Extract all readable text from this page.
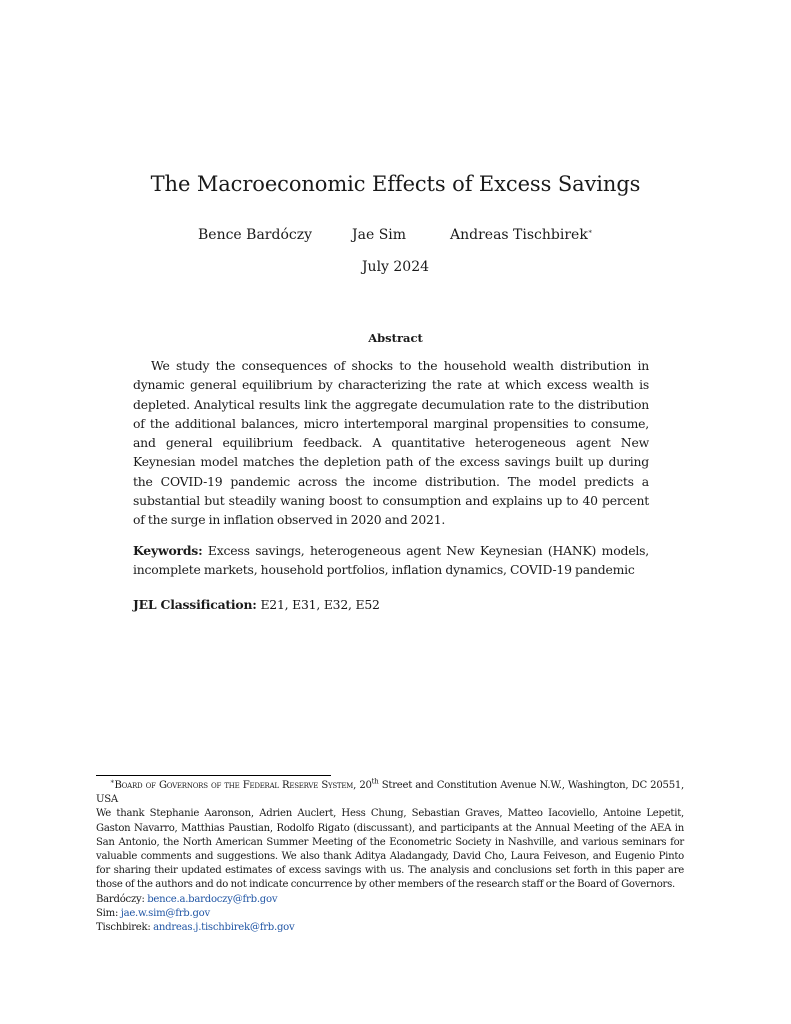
The Macroeconomic Effects of Excess Savings
Bence Bardóczy	Jae Sim	Andreas Tischbirek∗
July 2024
Abstract

We study the consequences of shocks to the household wealth distribution in dynamic general equilibrium by characterizing the rate at which excess wealth is depleted. Analytical results link the aggregate decumulation rate to the distribution of the additional balances, micro intertemporal marginal propensities to consume, and general equilibrium feedback. A quantitative heterogeneous agent New Keynesian model matches the depletion path of the excess savings built up during the COVID-19 pandemic across the income distribution. The model predicts a substantial but steadily waning boost to consumption and explains up to 40 percent of the surge in inflation observed in 2020 and 2021.

Keywords: Excess savings, heterogeneous agent New Keynesian (HANK) models, incomplete markets, household portfolios, inflation dynamics, COVID-19 pandemic

JEL Classification: E21, E31, E32, E52

∗Board of Governors of the Federal Reserve System, 20th Street and Constitution Avenue N.W., Washington, DC 20551, USA

We thank Stephanie Aaronson, Adrien Auclert, Hess Chung, Sebastian Graves, Matteo Iacoviello, Antoine Lepetit, Gaston Navarro, Matthias Paustian, Rodolfo Rigato (discussant), and participants at the Annual Meeting of the AEA in San Antonio, the North American Summer Meeting of the Econometric Society in Nashville, and various seminars for valuable comments and suggestions. We also thank Aditya Aladangady, David Cho, Laura Feiveson, and Eugenio Pinto for sharing their updated estimates of excess savings with us. The analysis and conclusions set forth in this paper are those of the authors and do not indicate concurrence by other members of the research staff or the Board of Governors.

Bardóczy: bence.a.bardoczy@frb.gov

Sim: jae.w.sim@frb.gov

Tischbirek: andreas.j.tischbirek@frb.gov
